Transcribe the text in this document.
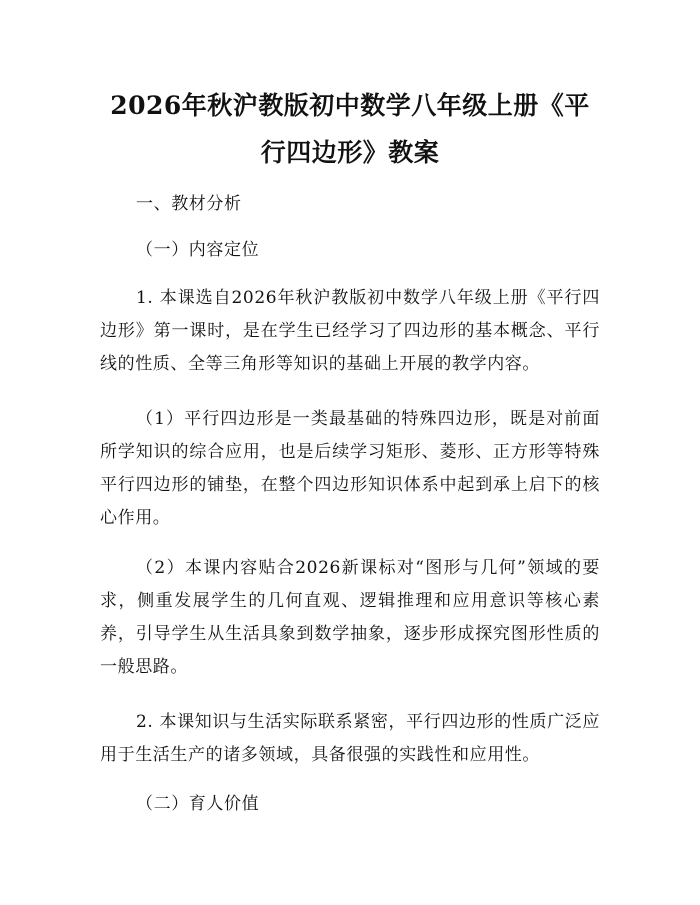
2026年秋沪教版初中数学八年级上册《平行四边形》教案

一、教材分析

（一）内容定位

1. 本课选自2026年秋沪教版初中数学八年级上册《平行四边形》第一课时，是在学生已经学习了四边形的基本概念、平行线的性质、全等三角形等知识的基础上开展的教学内容。

（1）平行四边形是一类最基础的特殊四边形，既是对前面所学知识的综合应用，也是后续学习矩形、菱形、正方形等特殊平行四边形的铺垫，在整个四边形知识体系中起到承上启下的核心作用。

（2）本课内容贴合2026新课标对“图形与几何”领域的要求，侧重发展学生的几何直观、逻辑推理和应用意识等核心素养，引导学生从生活具象到数学抽象，逐步形成探究图形性质的一般思路。

2. 本课知识与生活实际联系紧密，平行四边形的性质广泛应用于生活生产的诸多领域，具备很强的实践性和应用性。

（二）育人价值
